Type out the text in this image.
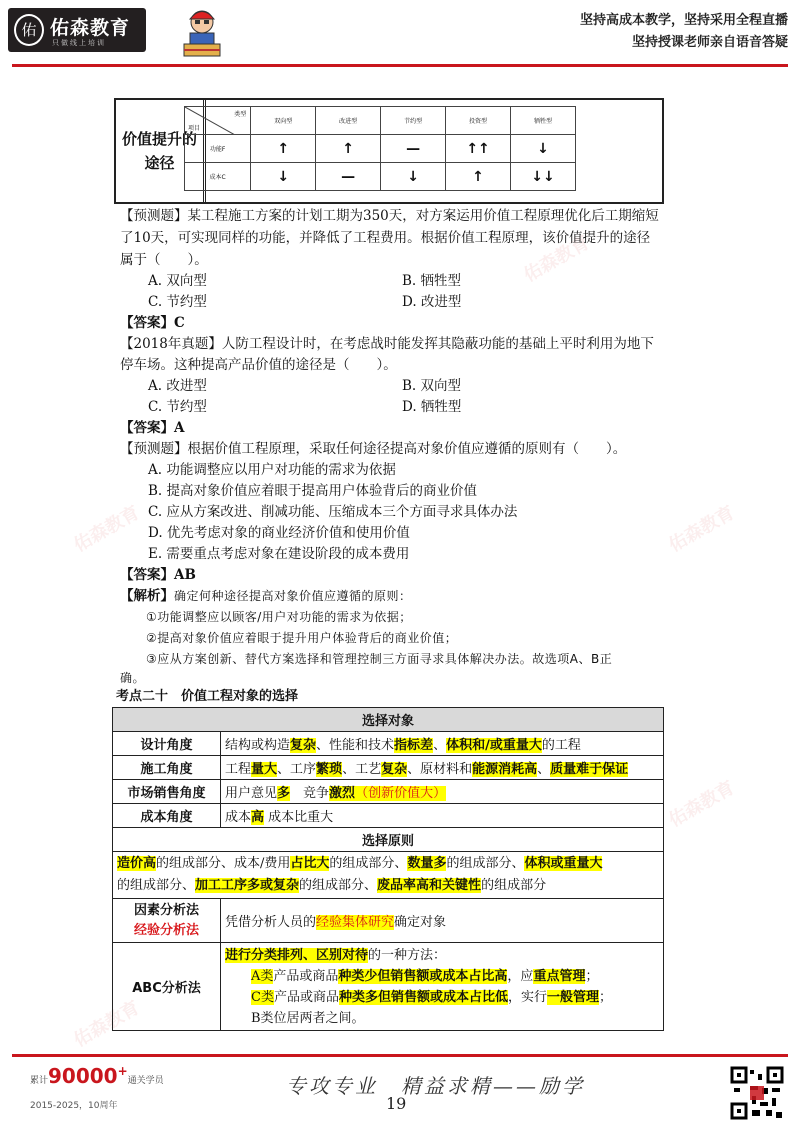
佑 佑森教育
只做线上培训
坚持高成本教学，坚持采用全程直播
坚持授课老师亲自语音答疑
佑森教育
佑森教育
佑森教育
佑森教育
佑森教育
价值提升的
途径
类型
项目	双向型	改进型	节约型	投资型	牺牲型
功能F	↑	↑	—	↑↑	↓
成本C	↓	—	↓	↑	↓↓
【预测题】某工程施工方案的计划工期为350天，对方案运用价值工程原理优化后工期缩短
了10天，可实现同样的功能，并降低了工程费用。根据价值工程原理，该价值提升的途径
属于（　　）。
A. 双向型	B. 牺牲型
C. 节约型	D. 改进型
【答案】C
【2018年真题】人防工程设计时，在考虑战时能发挥其隐蔽功能的基础上平时利用为地下
停车场。这种提高产品价值的途径是（　　）。
A. 改进型	B. 双向型
C. 节约型	D. 牺牲型
【答案】A
【预测题】根据价值工程原理，采取任何途径提高对象价值应遵循的原则有（　　）。
A. 功能调整应以用户对功能的需求为依据
B. 提高对象价值应着眼于提高用户体验背后的商业价值
C. 应从方案改进、削减功能、压缩成本三个方面寻求具体办法
D. 优先考虑对象的商业经济价值和使用价值
E. 需要重点考虑对象在建设阶段的成本费用
【答案】AB
【解析】确定何种途径提高对象价值应遵循的原则：
①功能调整应以顾客/用户对功能的需求为依据；
②提高对象价值应着眼于提升用户体验背后的商业价值；
③应从方案创新、替代方案选择和管理控制三方面寻求具体解决办法。故选项A、B正
确。
考点二十　价值工程对象的选择
选择对象	
设计角度	结构或构造复杂、性能和技术指标差、体积和/或重量大的工程
施工角度	工程量大、工序繁琐、工艺复杂、原材料和能源消耗高、质量难于保证
市场销售角度	用户意见多　竞争激烈（创新价值大）
成本角度	成本高 成本比重大
选择原则	
造价高的组成部分、成本/费用占比大的组成部分、数量多的组成部分、体积或重量大
的组成部分、加工工序多或复杂的组成部分、废品率高和关键性的组成部分	
因素分析法
经验分析法	凭借分析人员的经验集体研究确定对象
ABC分析法	进行分类排列、区别对待的一种方法：
A类产品或商品种类少但销售额或成本占比高，应重点管理；
C类产品或商品种类多但销售额或成本占比低，实行一般管理；
B类位居两者之间。
累计90000+通关学员
2015-2025，10周年
专攻专业　精益求精——励学
19
